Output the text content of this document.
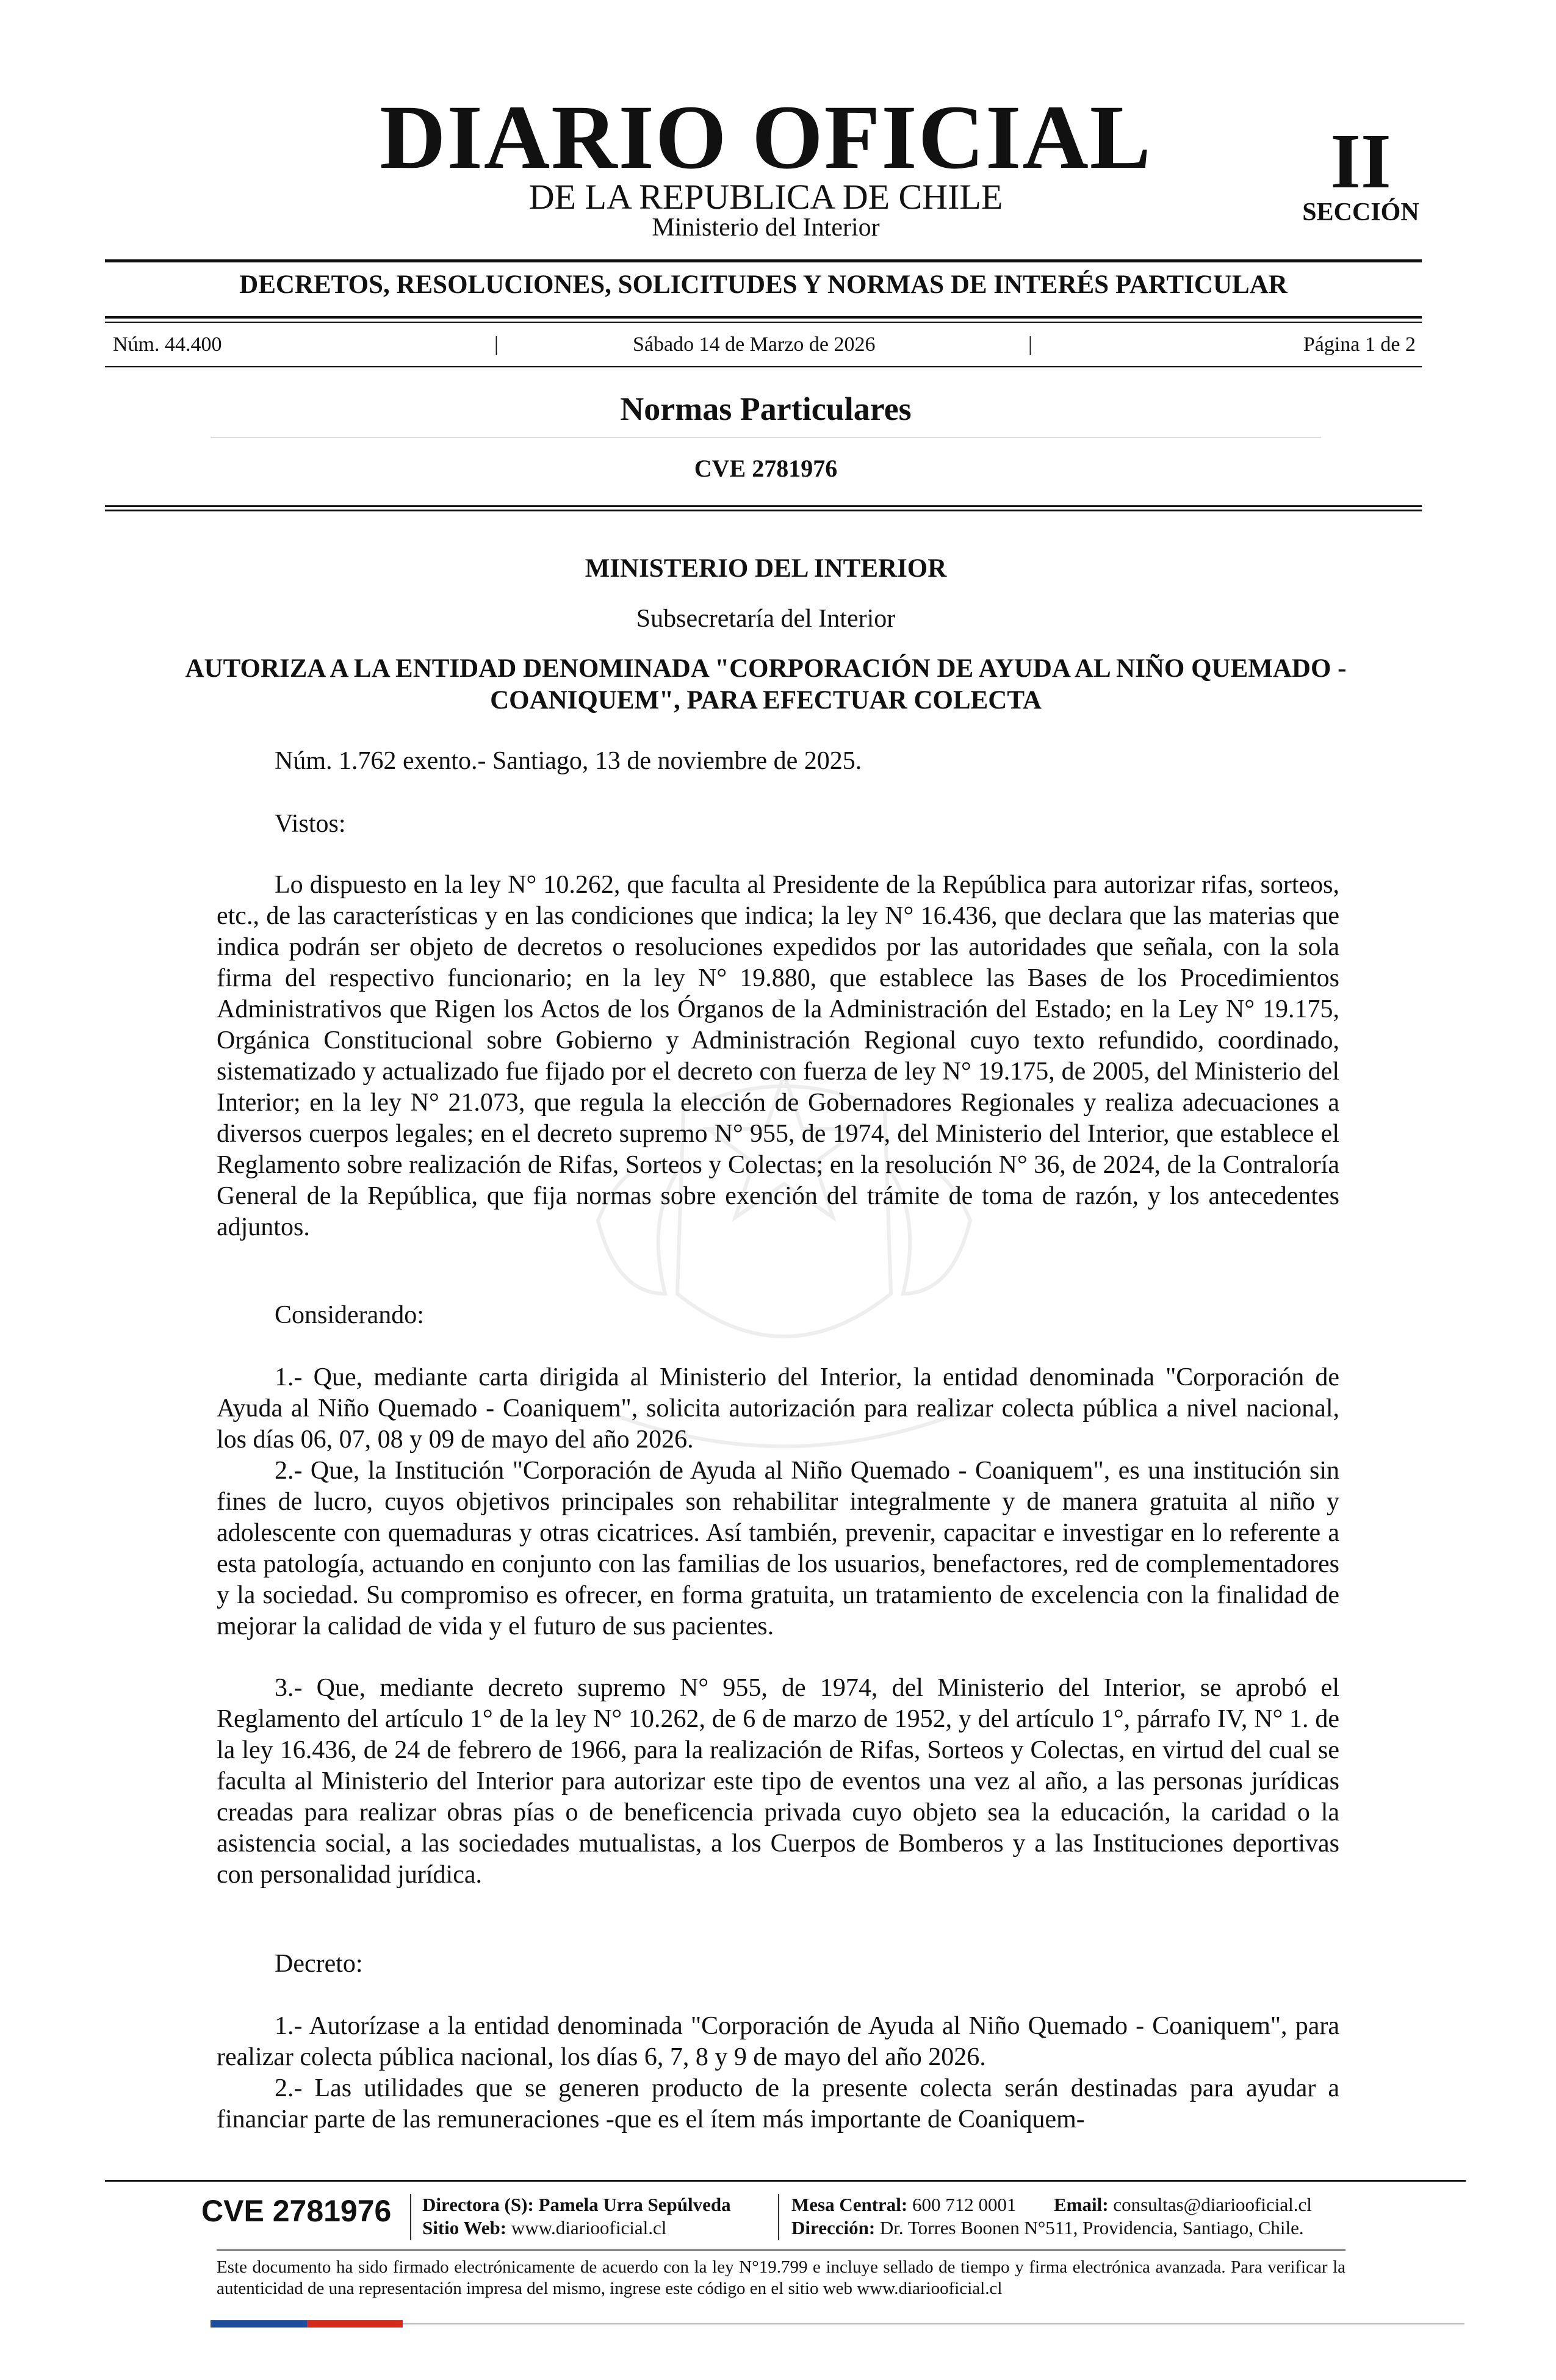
DIARIO OFICIAL
DE LA REPUBLICA DE CHILE
Ministerio del Interior
II
SECCIÓN
DECRETOS, RESOLUCIONES, SOLICITUDES Y NORMAS DE INTERÉS PARTICULAR
Núm. 44.400	|	Sábado 14 de Marzo de 2026	|	Página 1 de 2
Normas Particulares
CVE 2781976
MINISTERIO DEL INTERIOR
Subsecretaría del Interior
AUTORIZA A LA ENTIDAD DENOMINADA "CORPORACIÓN DE AYUDA AL NIÑO QUEMADO - COANIQUEM", PARA EFECTUAR COLECTA
Núm. 1.762 exento.- Santiago, 13 de noviembre de 2025.
Vistos:
Lo dispuesto en la ley N° 10.262, que faculta al Presidente de la República para autorizar rifas, sorteos, etc., de las características y en las condiciones que indica; la ley N° 16.436, que declara que las materias que indica podrán ser objeto de decretos o resoluciones expedidos por las autoridades que señala, con la sola firma del respectivo funcionario; en la ley N° 19.880, que establece las Bases de los Procedimientos Administrativos que Rigen los Actos de los Órganos de la Administración del Estado; en la Ley N° 19.175, Orgánica Constitucional sobre Gobierno y Administración Regional cuyo texto refundido, coordinado, sistematizado y actualizado fue fijado por el decreto con fuerza de ley N° 19.175, de 2005, del Ministerio del Interior; en la ley N° 21.073, que regula la elección de Gobernadores Regionales y realiza adecuaciones a diversos cuerpos legales; en el decreto supremo N° 955, de 1974, del Ministerio del Interior, que establece el Reglamento sobre realización de Rifas, Sorteos y Colectas; en la resolución N° 36, de 2024, de la Contraloría General de la República, que fija normas sobre exención del trámite de toma de razón, y los antecedentes adjuntos.
Considerando:
1.- Que, mediante carta dirigida al Ministerio del Interior, la entidad denominada "Corporación de Ayuda al Niño Quemado - Coaniquem", solicita autorización para realizar colecta pública a nivel nacional, los días 06, 07, 08 y 09 de mayo del año 2026.
2.- Que, la Institución "Corporación de Ayuda al Niño Quemado - Coaniquem", es una institución sin fines de lucro, cuyos objetivos principales son rehabilitar integralmente y de manera gratuita al niño y adolescente con quemaduras y otras cicatrices. Así también, prevenir, capacitar e investigar en lo referente a esta patología, actuando en conjunto con las familias de los usuarios, benefactores, red de complementadores y la sociedad. Su compromiso es ofrecer, en forma gratuita, un tratamiento de excelencia con la finalidad de mejorar la calidad de vida y el futuro de sus pacientes.
3.- Que, mediante decreto supremo N° 955, de 1974, del Ministerio del Interior, se aprobó el Reglamento del artículo 1° de la ley N° 10.262, de 6 de marzo de 1952, y del artículo 1°, párrafo IV, N° 1. de la ley 16.436, de 24 de febrero de 1966, para la realización de Rifas, Sorteos y Colectas, en virtud del cual se faculta al Ministerio del Interior para autorizar este tipo de eventos una vez al año, a las personas jurídicas creadas para realizar obras pías o de beneficencia privada cuyo objeto sea la educación, la caridad o la asistencia social, a las sociedades mutualistas, a los Cuerpos de Bomberos y a las Instituciones deportivas con personalidad jurídica.
Decreto:
1.- Autorízase a la entidad denominada "Corporación de Ayuda al Niño Quemado - Coaniquem", para realizar colecta pública nacional, los días 6, 7, 8 y 9 de mayo del año 2026.
2.- Las utilidades que se generen producto de la presente colecta serán destinadas para ayudar a financiar parte de las remuneraciones -que es el ítem más importante de Coaniquem-
CVE 2781976 Directora (S): Pamela Urra Sepúlveda
Sitio Web: www.diariooficial.cl
Mesa Central: 600 712 0001 Email: consultas@diariooficial.cl
Dirección: Dr. Torres Boonen N°511, Providencia, Santiago, Chile.
Este documento ha sido firmado electrónicamente de acuerdo con la ley N°19.799 e incluye sellado de tiempo y firma electrónica avanzada. Para verificar la autenticidad de una representación impresa del mismo, ingrese este código en el sitio web www.diariooficial.cl
